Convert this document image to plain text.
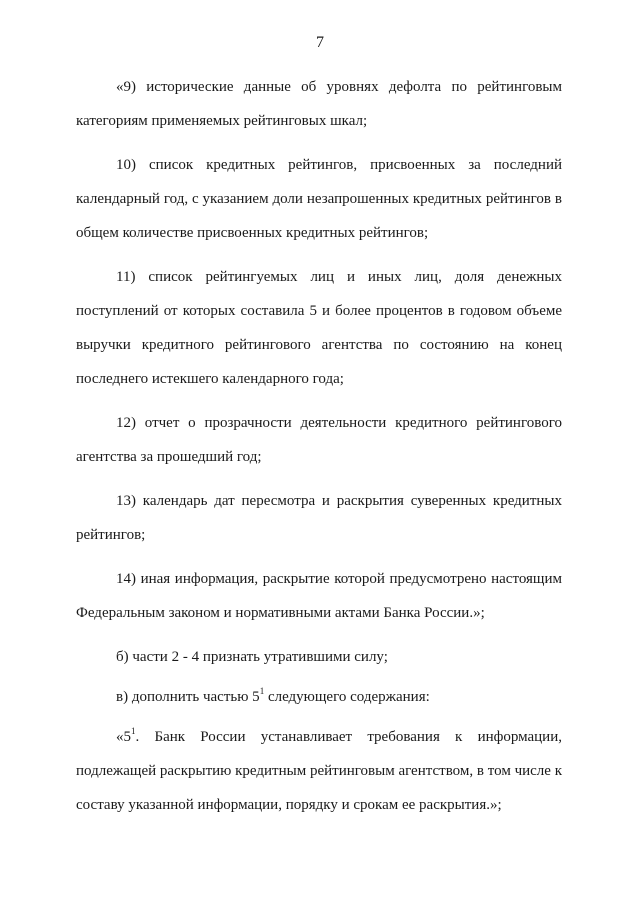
7

«9) исторические данные об уровнях дефолта по рейтинговым категориям применяемых рейтинговых шкал;

10) список кредитных рейтингов, присвоенных за последний календарный год, с указанием доли незапрошенных кредитных рейтингов в общем количестве присвоенных кредитных рейтингов;

11) список рейтингуемых лиц и иных лиц, доля денежных поступлений от которых составила 5 и более процентов в годовом объеме выручки кредитного рейтингового агентства по состоянию на конец последнего истекшего календарного года;

12) отчет о прозрачности деятельности кредитного рейтингового агентства за прошедший год;

13) календарь дат пересмотра и раскрытия суверенных кредитных рейтингов;

14) иная информация, раскрытие которой предусмотрено настоящим Федеральным законом и нормативными актами Банка России.»;

б) части 2 - 4 признать утратившими силу;

в) дополнить частью $5^1$ следующего содержания:

«$5^1$. Банк России устанавливает требования к информации, подлежащей раскрытию кредитным рейтинговым агентством, в том числе к составу указанной информации, порядку и срокам ее раскрытия.»;
